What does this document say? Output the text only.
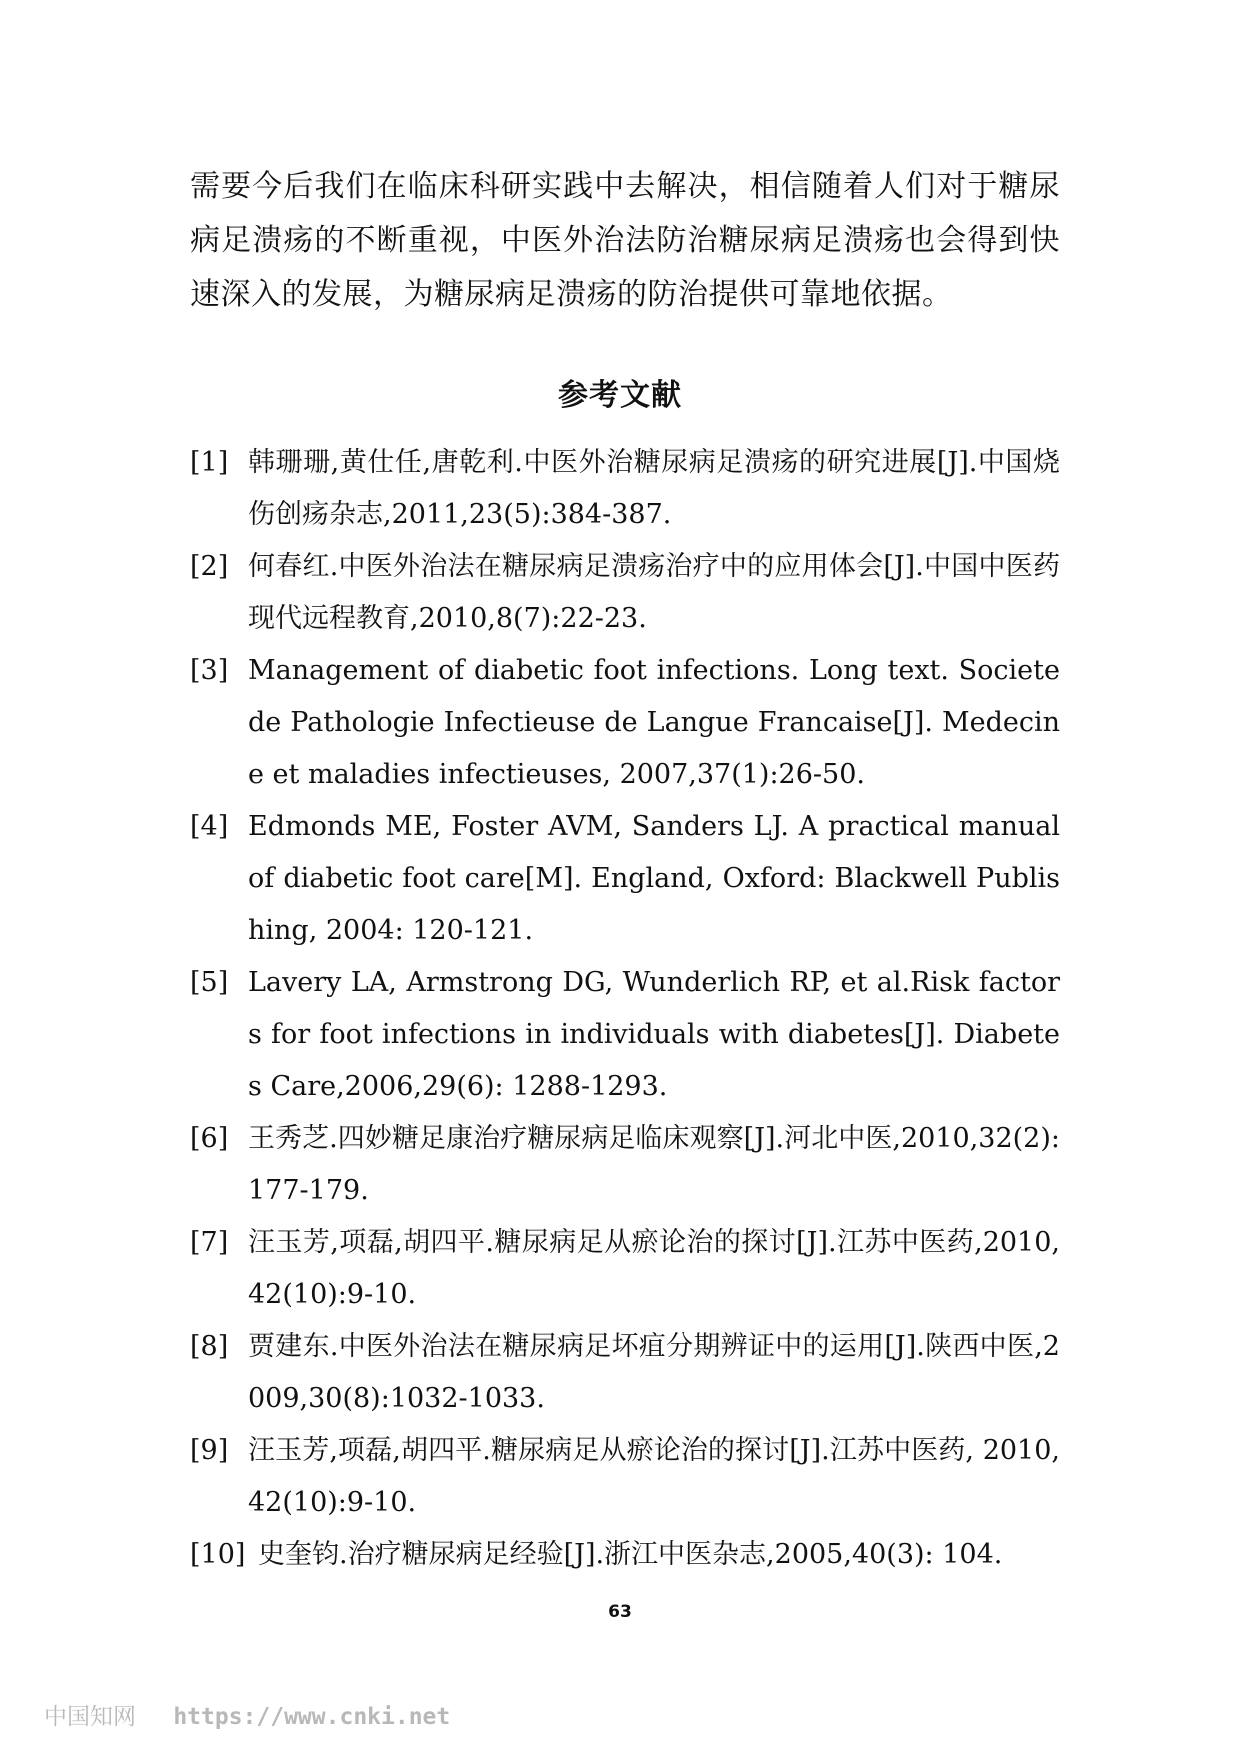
需要今后我们在临床科研实践中去解决，相信随着人们对于糖尿病足溃疡的不断重视，中医外治法防治糖尿病足溃疡也会得到快速深入的发展，为糖尿病足溃疡的防治提供可靠地依据。

参考文献
[1] 韩珊珊,黄仕任,唐乾利.中医外治糖尿病足溃疡的研究进展[J].中国烧伤创疡杂志,2011,23(5):384-387.
[2] 何春红.中医外治法在糖尿病足溃疡治疗中的应用体会[J].中国中医药现代远程教育,2010,8(7):22-23.
[3] Management of diabetic foot infections. Long text. Societe de Pathologie Infectieuse de Langue Francaise[J]. Medecine et maladies infectieuses, 2007,37(1):26-50.
[4] Edmonds ME, Foster AVM, Sanders LJ. A practical manual of diabetic foot care[M]. England, Oxford: Blackwell Publishing, 2004: 120-121.
[5] Lavery LA, Armstrong DG, Wunderlich RP, et al.Risk factors for foot infections in individuals with diabetes[J]. Diabetes Care,2006,29(6): 1288-1293.
[6] 王秀芝.四妙糖足康治疗糖尿病足临床观察[J].河北中医,2010,32(2): 177-179.
[7] 汪玉芳,项磊,胡四平.糖尿病足从瘀论治的探讨[J].江苏中医药,2010,42(10):9-10.
[8] 贾建东.中医外治法在糖尿病足坏疽分期辨证中的运用[J].陕西中医,2009,30(8):1032-1033.
[9] 汪玉芳,项磊,胡四平.糖尿病足从瘀论治的探讨[J].江苏中医药, 2010, 42(10):9-10.
[10] 史奎钧.治疗糖尿病足经验[J].浙江中医杂志,2005,40(3): 104.
63
中国知网 https://www.cnki.net
